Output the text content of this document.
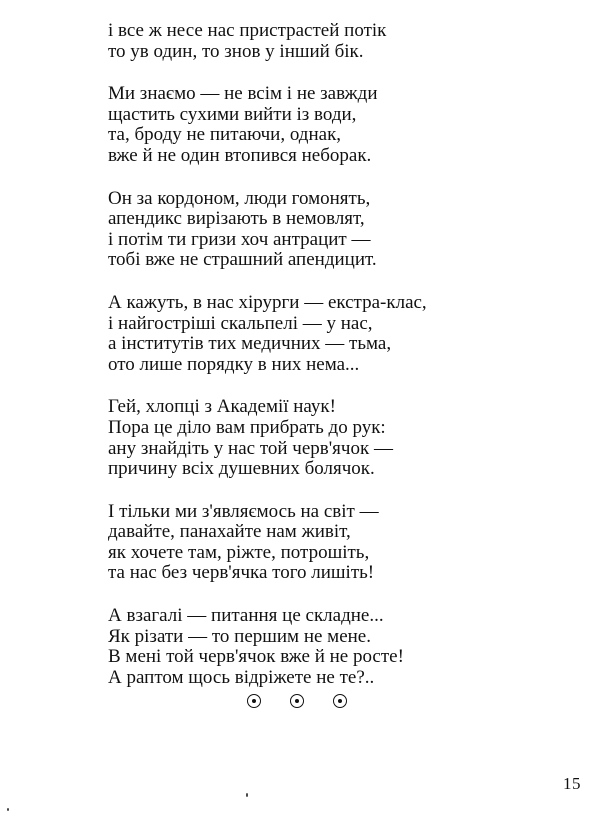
і все ж несе нас пристрастей потік
то ув один, то знов у інший бік.
Ми знаємо — не всім і не завжди
щастить сухими вийти із води,
та, броду не питаючи, однак,
вже й не один втопився неборак.
Он за кордоном, люди гомонять,
апендикс вирізають в немовлят,
і потім ти гризи хоч антрацит —
тобі вже не страшний апендицит.
А кажуть, в нас хірурги — екстра-клас,
і найгостріші скальпелі — у нас,
а інститутів тих медичних — тьма,
ото лише порядку в них нема...
Гей, хлопці з Академії наук!
Пора це діло вам прибрать до рук:
ану знайдіть у нас той черв'ячок —
причину всіх душевних болячок.
І тільки ми з'являємось на світ —
давайте, панахайте нам живіт,
як хочете там, ріжте, потрошіть,
та нас без черв'ячка того лишіть!
А взагалі — питання це складне...
Як різати — то першим не мене.
В мені той черв'ячок вже й не росте!
А раптом щось відріжете не те?..
15
